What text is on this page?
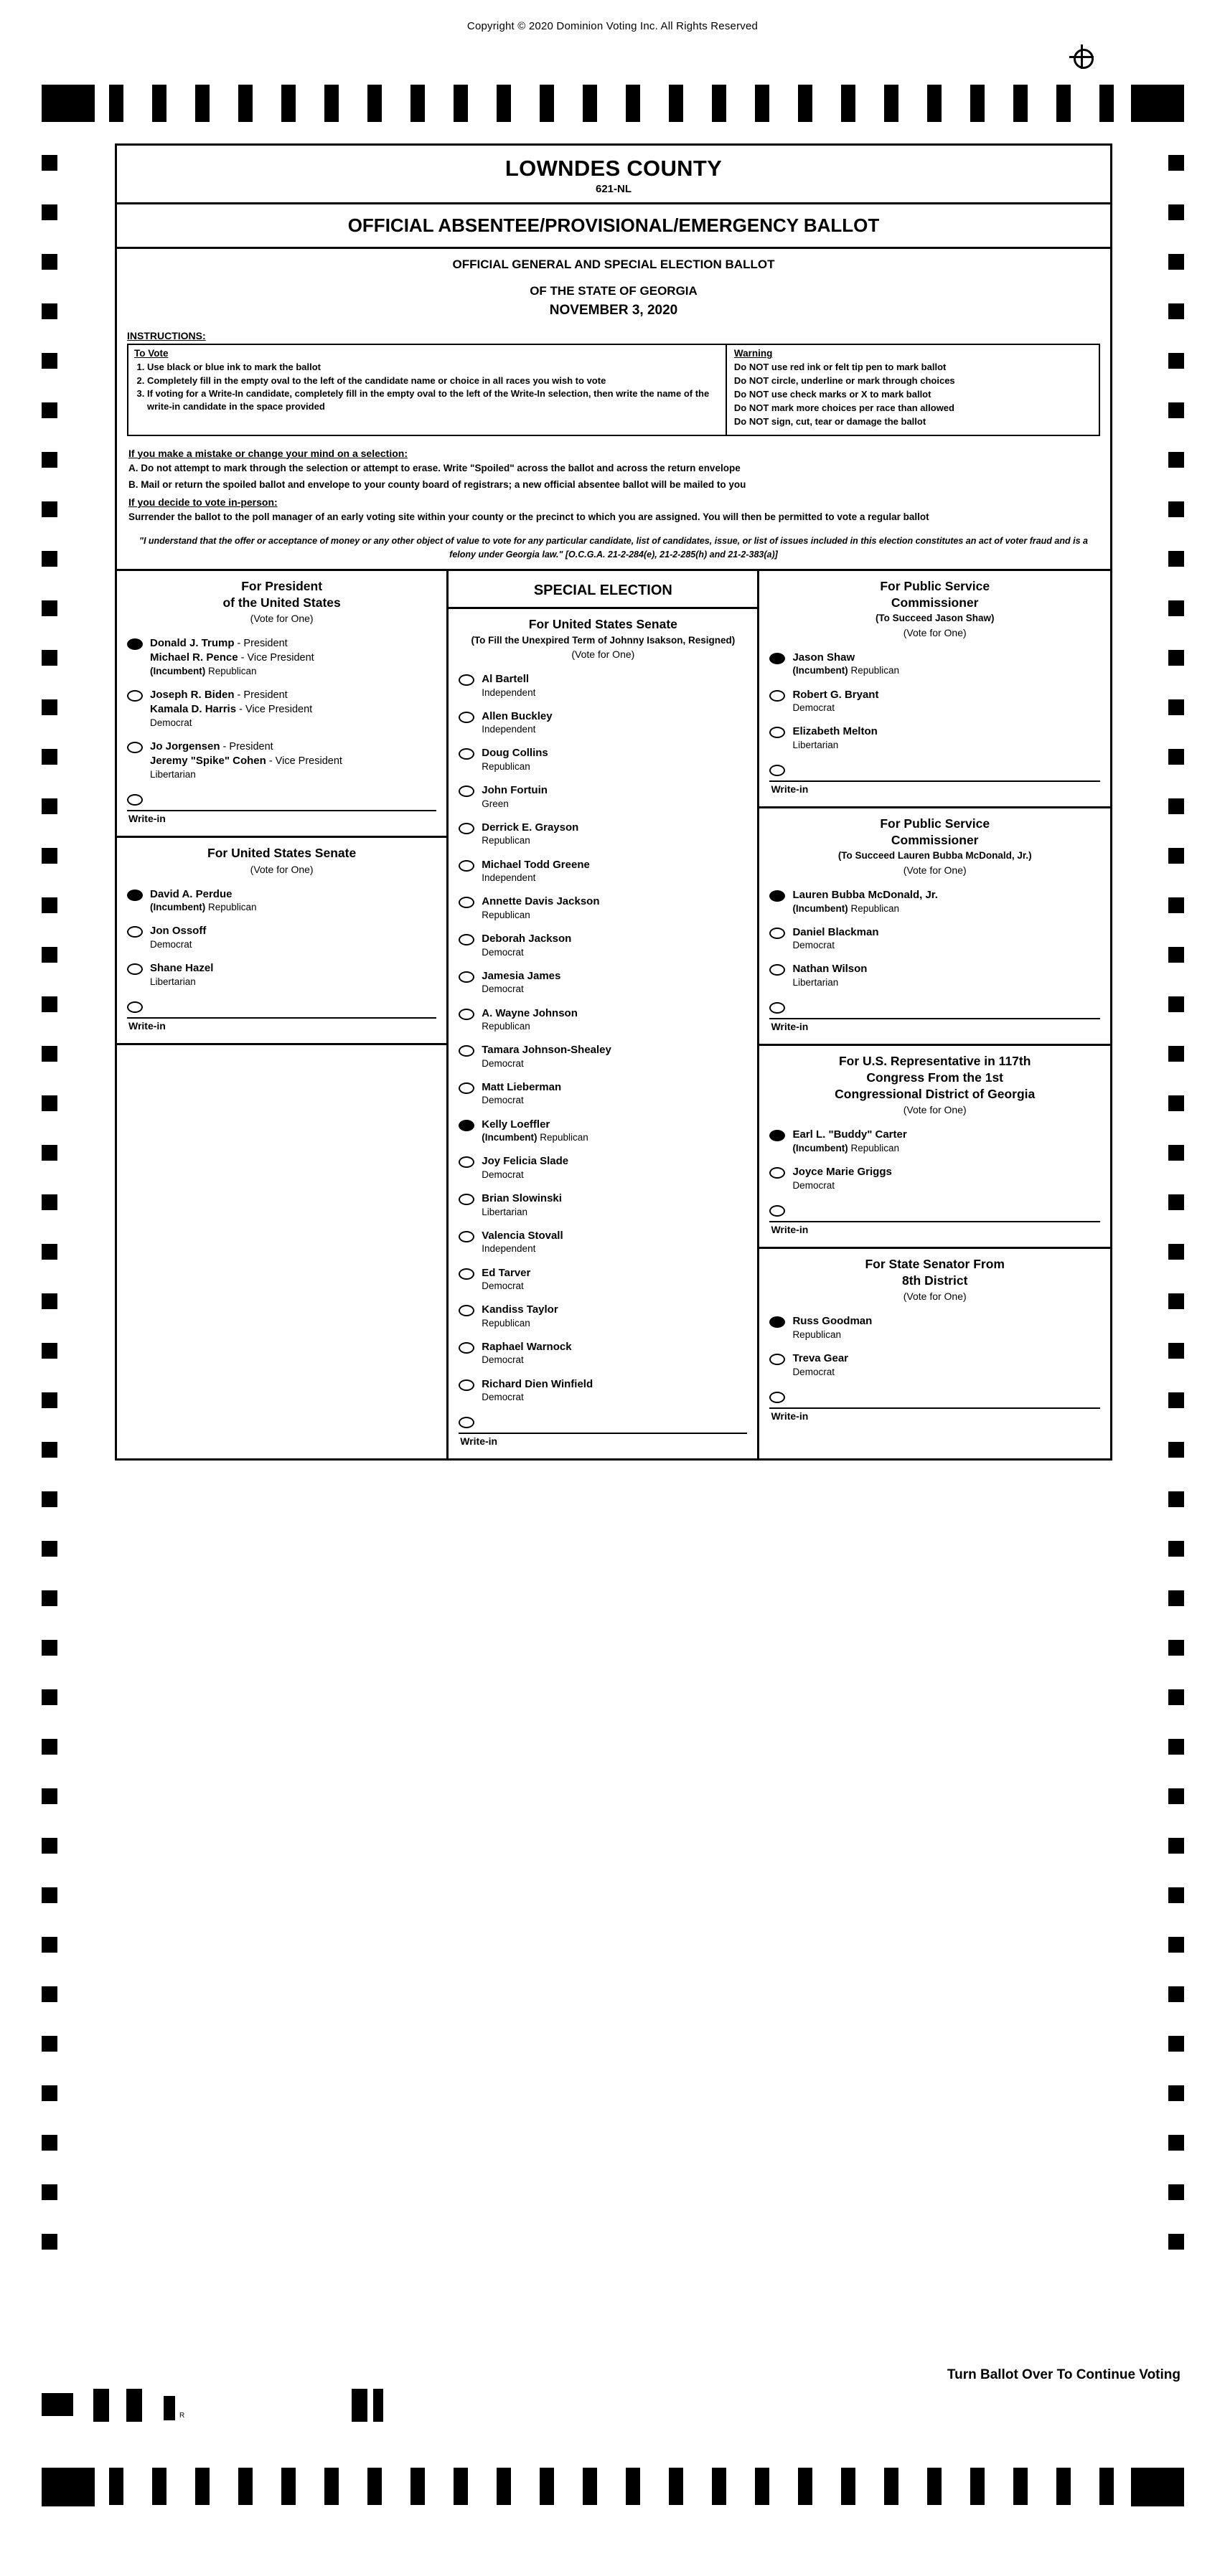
Copyright © 2020 Dominion Voting Inc. All Rights Reserved
LOWNDES COUNTY
621-NL
OFFICIAL ABSENTEE/PROVISIONAL/EMERGENCY BALLOT
OFFICIAL GENERAL AND SPECIAL ELECTION BALLOT
OF THE STATE OF GEORGIA
NOVEMBER 3, 2020
INSTRUCTIONS:
To Vote
1. Use black or blue ink to mark the ballot
2. Completely fill in the empty oval to the left of the candidate name or choice in all races you wish to vote
3. If voting for a Write-In candidate, completely fill in the empty oval to the left of the Write-In selection, then write the name of the write-in candidate in the space provided
Warning
Do NOT use red ink or felt tip pen to mark ballot
Do NOT circle, underline or mark through choices
Do NOT use check marks or X to mark ballot
Do NOT mark more choices per race than allowed
Do NOT sign, cut, tear or damage the ballot
If you make a mistake or change your mind on a selection:
A. Do not attempt to mark through the selection or attempt to erase. Write "Spoiled" across the ballot and across the return envelope
B. Mail or return the spoiled ballot and envelope to your county board of registrars; a new official absentee ballot will be mailed to you
If you decide to vote in-person:
Surrender the ballot to the poll manager of an early voting site within your county or the precinct to which you are assigned. You will then be permitted to vote a regular ballot
"I understand that the offer or acceptance of money or any other object of value to vote for any particular candidate, list of candidates, issue, or list of issues included in this election constitutes an act of voter fraud and is a felony under Georgia law." [O.C.G.A. 21-2-284(e), 21-2-285(h) and 21-2-383(a)]
For President
of the United States
(Vote for One)
Donald J. Trump - President
Michael R. Pence - Vice President
(Incumbent) Republican
Joseph R. Biden - President
Kamala D. Harris - Vice President
Democrat
Jo Jorgensen - President
Jeremy "Spike" Cohen - Vice President
Libertarian
Write-in
For United States Senate
(Vote for One)
David A. Perdue
(Incumbent) Republican
Jon Ossoff
Democrat
Shane Hazel
Libertarian
Write-in
SPECIAL ELECTION
For United States Senate
(To Fill the Unexpired Term of Johnny Isakson, Resigned)
(Vote for One)
Al Bartell
Independent
Allen Buckley
Independent
Doug Collins
Republican
John Fortuin
Green
Derrick E. Grayson
Republican
Michael Todd Greene
Independent
Annette Davis Jackson
Republican
Deborah Jackson
Democrat
Jamesia James
Democrat
A. Wayne Johnson
Republican
Tamara Johnson-Shealey
Democrat
Matt Lieberman
Democrat
Kelly Loeffler
(Incumbent) Republican
Joy Felicia Slade
Democrat
Brian Slowinski
Libertarian
Valencia Stovall
Independent
Ed Tarver
Democrat
Kandiss Taylor
Republican
Raphael Warnock
Democrat
Richard Dien Winfield
Democrat
Write-in
For Public Service
Commissioner
(To Succeed Jason Shaw)
(Vote for One)
Jason Shaw
(Incumbent) Republican
Robert G. Bryant
Democrat
Elizabeth Melton
Libertarian
Write-in
For Public Service
Commissioner
(To Succeed Lauren Bubba McDonald, Jr.)
(Vote for One)
Lauren Bubba McDonald, Jr.
(Incumbent) Republican
Daniel Blackman
Democrat
Nathan Wilson
Libertarian
Write-in
For U.S. Representative in 117th
Congress From the 1st
Congressional District of Georgia
(Vote for One)
Earl L. "Buddy" Carter
(Incumbent) Republican
Joyce Marie Griggs
Democrat
Write-in
For State Senator From
8th District
(Vote for One)
Russ Goodman
Republican
Treva Gear
Democrat
Write-in
Turn Ballot Over To Continue Voting
R
